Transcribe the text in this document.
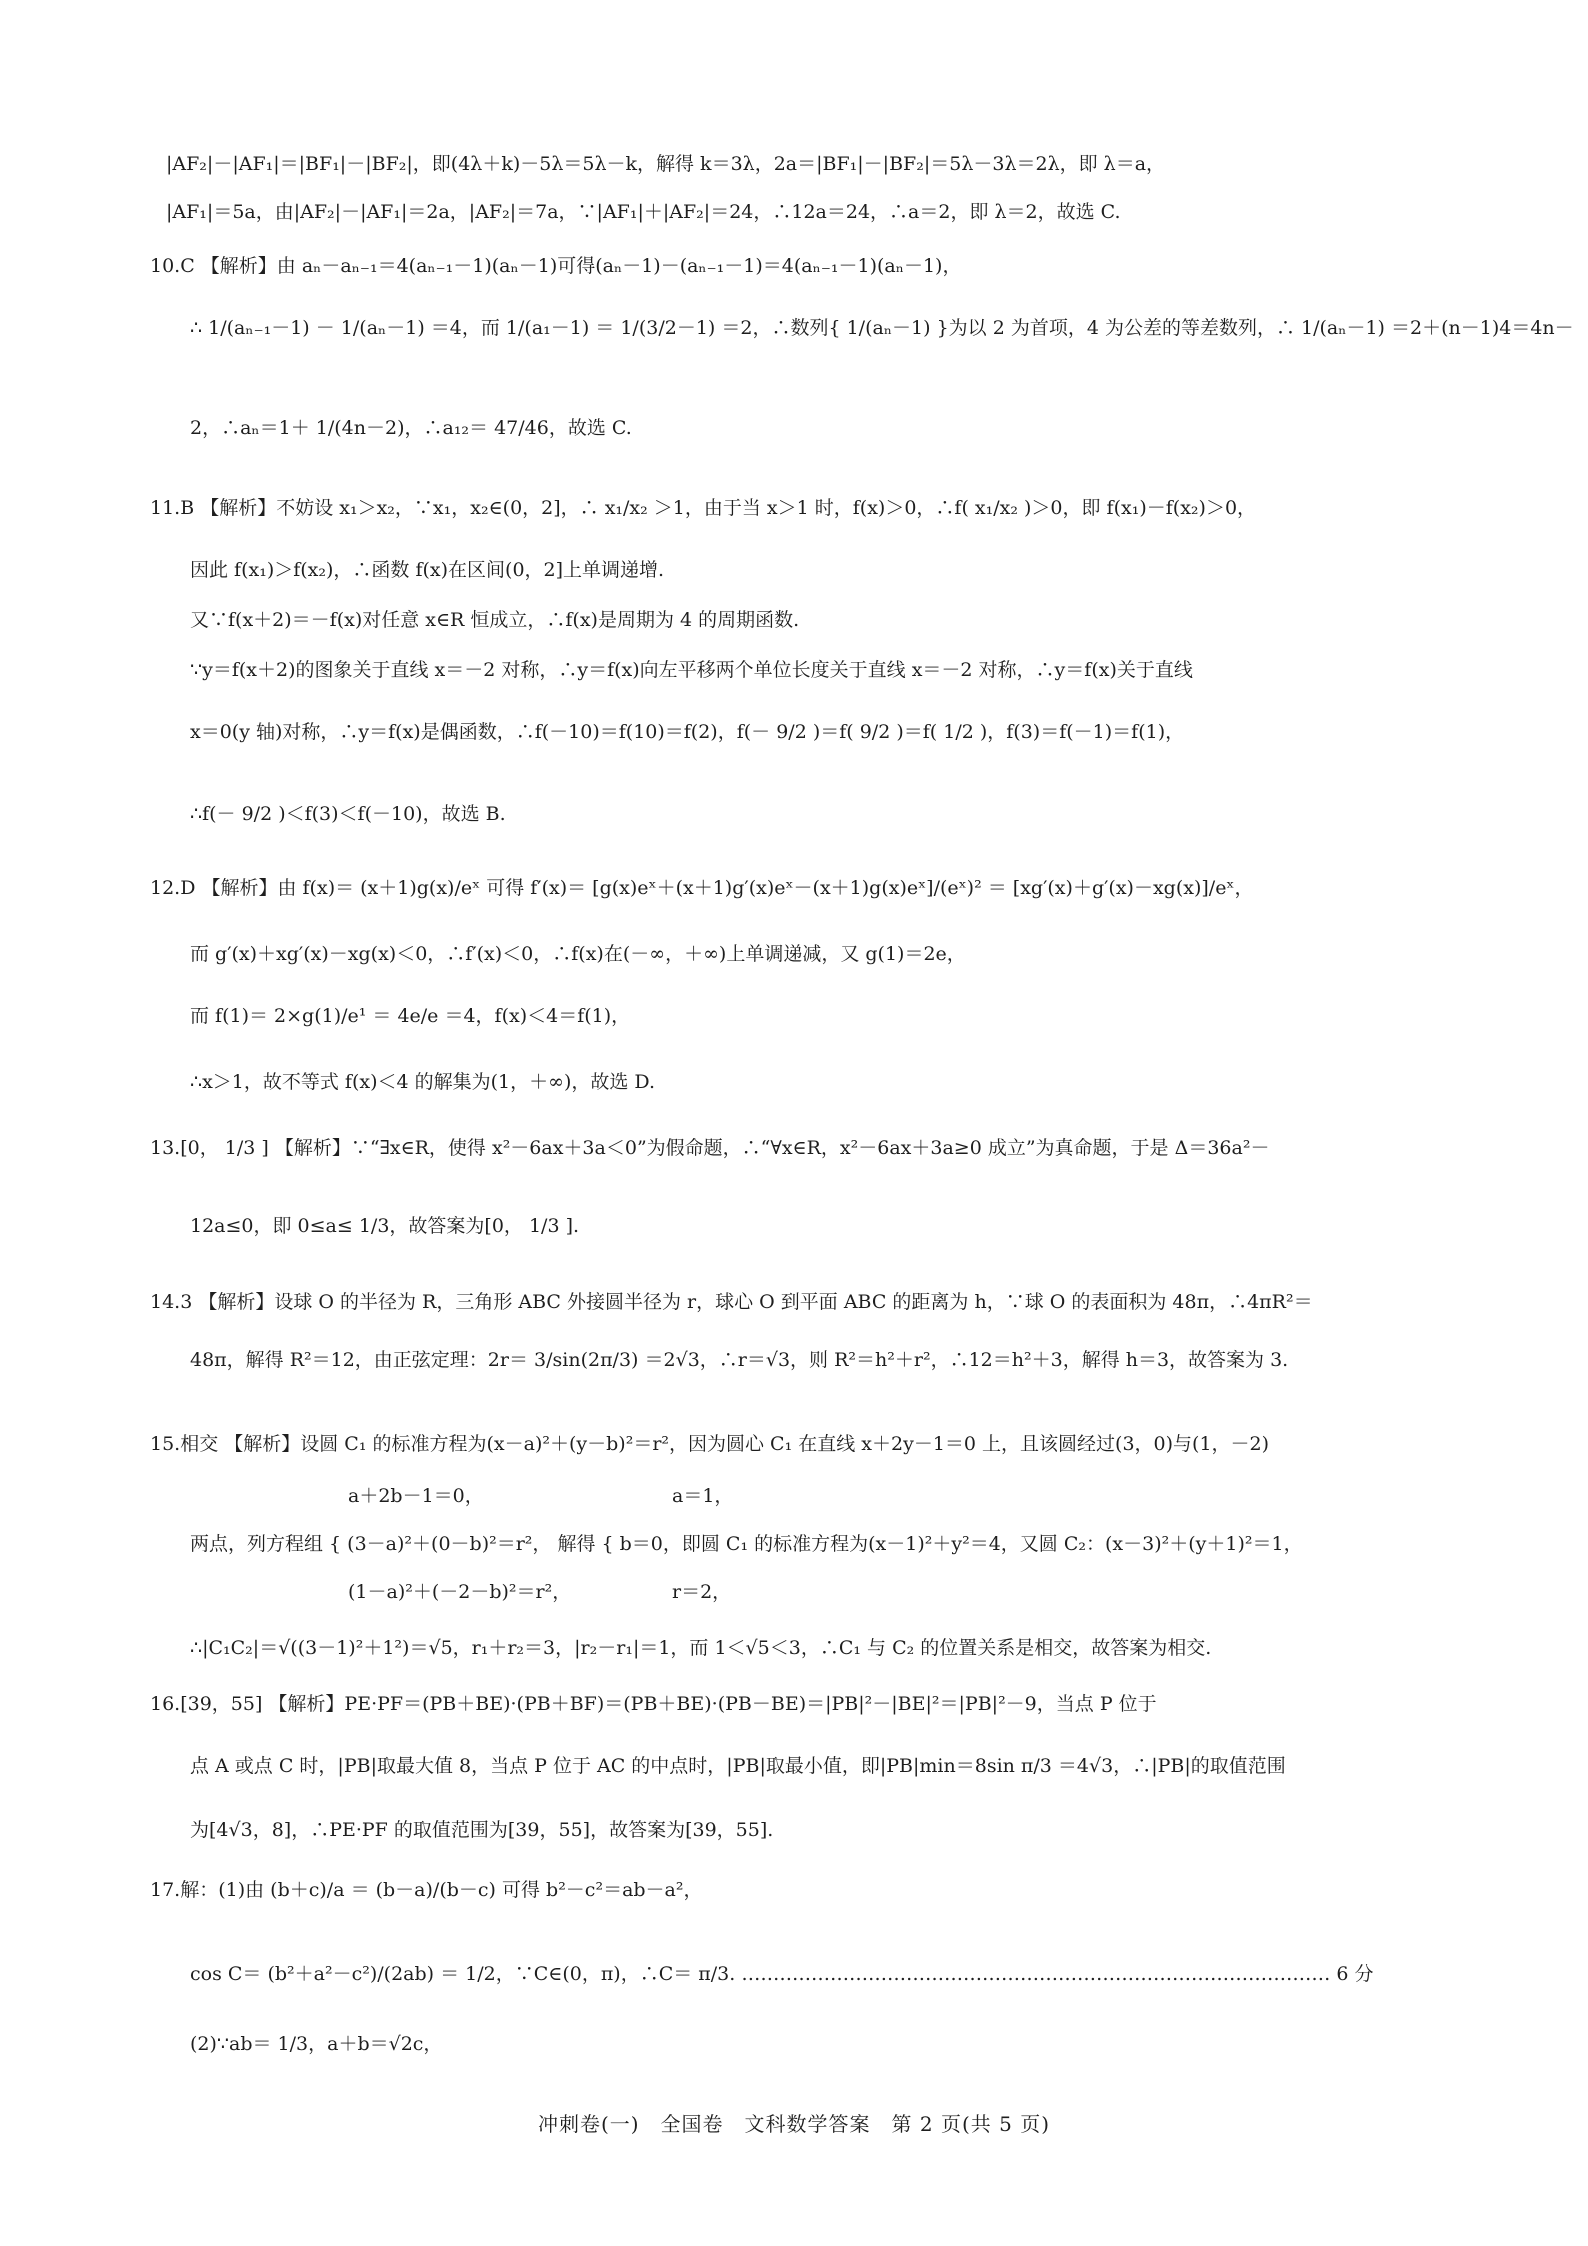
|AF₂|－|AF₁|＝|BF₁|－|BF₂|，即(4λ＋k)－5λ＝5λ－k，解得 k＝3λ，2a＝|BF₁|－|BF₂|＝5λ－3λ＝2λ，即 λ＝a，
|AF₁|＝5a，由|AF₂|－|AF₁|＝2a，|AF₂|＝7a，∵|AF₁|＋|AF₂|＝24，∴12a＝24，∴a＝2，即 λ＝2，故选 C.
10.C 【解析】由 aₙ－aₙ₋₁＝4(aₙ₋₁－1)(aₙ－1)可得(aₙ－1)－(aₙ₋₁－1)＝4(aₙ₋₁－1)(aₙ－1)，
∴ 1/(aₙ₋₁－1) － 1/(aₙ－1) ＝4，而 1/(a₁－1) ＝ 1/(3/2－1) ＝2，∴数列{ 1/(aₙ－1) }为以 2 为首项，4 为公差的等差数列，∴ 1/(aₙ－1) ＝2＋(n－1)4＝4n－
2，∴aₙ＝1＋ 1/(4n－2)，∴a₁₂＝ 47/46，故选 C.
11.B 【解析】不妨设 x₁＞x₂，∵x₁，x₂∈(0，2]，∴ x₁/x₂ ＞1，由于当 x＞1 时，f(x)＞0，∴f( x₁/x₂ )＞0，即 f(x₁)－f(x₂)＞0，
因此 f(x₁)＞f(x₂)，∴函数 f(x)在区间(0，2]上单调递增.
又∵f(x＋2)＝－f(x)对任意 x∈R 恒成立，∴f(x)是周期为 4 的周期函数.
∵y＝f(x＋2)的图象关于直线 x＝－2 对称，∴y＝f(x)向左平移两个单位长度关于直线 x＝－2 对称，∴y＝f(x)关于直线
x＝0(y 轴)对称，∴y＝f(x)是偶函数，∴f(－10)＝f(10)＝f(2)，f(－ 9/2 )＝f( 9/2 )＝f( 1/2 )，f(3)＝f(－1)＝f(1)，
∴f(－ 9/2 )＜f(3)＜f(－10)，故选 B.
12.D 【解析】由 f(x)＝ (x＋1)g(x)/eˣ 可得 f′(x)＝ [g(x)eˣ＋(x＋1)g′(x)eˣ－(x＋1)g(x)eˣ]/(eˣ)² ＝ [xg′(x)＋g′(x)－xg(x)]/eˣ，
而 g′(x)＋xg′(x)－xg(x)＜0，∴f′(x)＜0，∴f(x)在(－∞，＋∞)上单调递减，又 g(1)＝2e，
而 f(1)＝ 2×g(1)/e¹ ＝ 4e/e ＝4，f(x)＜4＝f(1)，
∴x＞1，故不等式 f(x)＜4 的解集为(1，＋∞)，故选 D.
13.[0， 1/3 ] 【解析】∵“∃x∈R，使得 x²－6ax＋3a＜0”为假命题，∴“∀x∈R，x²－6ax＋3a≥0 成立”为真命题，于是 Δ＝36a²－
12a≤0，即 0≤a≤ 1/3，故答案为[0， 1/3 ].
14.3 【解析】设球 O 的半径为 R，三角形 ABC 外接圆半径为 r，球心 O 到平面 ABC 的距离为 h，∵球 O 的表面积为 48π，∴4πR²＝
48π，解得 R²＝12，由正弦定理：2r＝ 3/sin(2π/3) ＝2√3，∴r＝√3，则 R²＝h²＋r²，∴12＝h²＋3，解得 h＝3，故答案为 3.
15.相交 【解析】设圆 C₁ 的标准方程为(x－a)²＋(y－b)²＝r²，因为圆心 C₁ 在直线 x＋2y－1＝0 上，且该圆经过(3，0)与(1，－2)
a＋2b－1＝0，	a＝1，
两点，列方程组 { (3－a)²＋(0－b)²＝r²， 解得 { b＝0，即圆 C₁ 的标准方程为(x－1)²＋y²＝4，又圆 C₂：(x－3)²＋(y＋1)²＝1，
(1－a)²＋(－2－b)²＝r²，	r＝2，
∴|C₁C₂|＝√((3－1)²＋1²)＝√5，r₁＋r₂＝3，|r₂－r₁|＝1，而 1＜√5＜3，∴C₁ 与 C₂ 的位置关系是相交，故答案为相交.
16.[39，55] 【解析】PE·PF＝(PB＋BE)·(PB＋BF)＝(PB＋BE)·(PB－BE)＝|PB|²－|BE|²＝|PB|²－9，当点 P 位于
点 A 或点 C 时，|PB|取最大值 8，当点 P 位于 AC 的中点时，|PB|取最小值，即|PB|min＝8sin π/3 ＝4√3，∴|PB|的取值范围
为[4√3，8]，∴PE·PF 的取值范围为[39，55]，故答案为[39，55].
17.解：(1)由 (b＋c)/a ＝ (b－a)/(b－c) 可得 b²－c²＝ab－a²，
cos C＝ (b²＋a²－c²)/(2ab) ＝ 1/2，∵C∈(0，π)，∴C＝ π/3. ………………………………………………………………………………… 6 分
(2)∵ab＝ 1/3，a＋b＝√2c，
冲刺卷(一)　全国卷　文科数学答案　第 2 页(共 5 页)
